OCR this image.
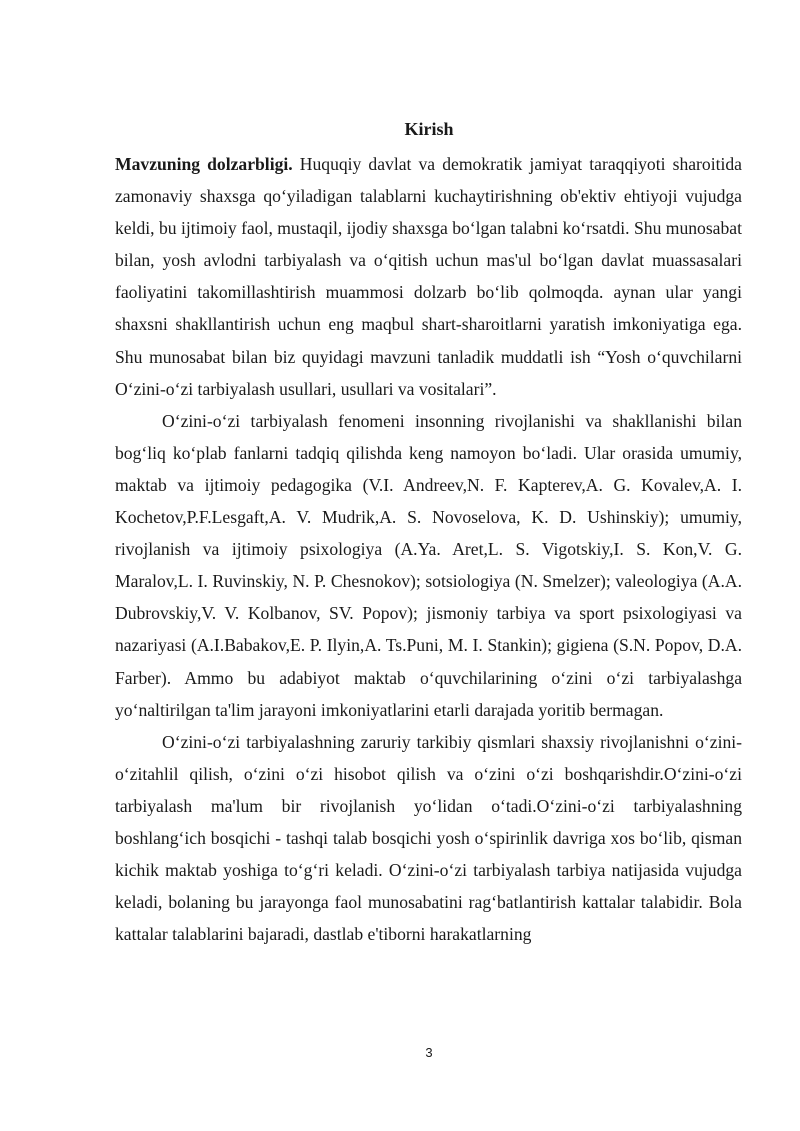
Kirish

Mavzuning dolzarbligi. Huquqiy davlat va demokratik jamiyat taraqqiyoti sharoitida zamonaviy shaxsga qo‘yiladigan talablarni kuchaytirishning ob'ektiv ehtiyoji vujudga keldi, bu ijtimoiy faol, mustaqil, ijodiy shaxsga bo‘lgan talabni ko‘rsatdi. Shu munosabat bilan, yosh avlodni tarbiyalash va o‘qitish uchun mas'ul bo‘lgan davlat muassasalari faoliyatini takomillashtirish muammosi dolzarb bo‘lib qolmoqda. aynan ular yangi shaxsni shakllantirish uchun eng maqbul shart-sharoitlarni yaratish imkoniyatiga ega. Shu munosabat bilan biz quyidagi mavzuni tanladik muddatli ish “Yosh o‘quvchilarni O‘zini-o‘zi tarbiyalash usullari, usullari va vositalari”.

O‘zini-o‘zi tarbiyalash fenomeni insonning rivojlanishi va shakllanishi bilan bog‘liq ko‘plab fanlarni tadqiq qilishda keng namoyon bo‘ladi. Ular orasida umumiy, maktab va ijtimoiy pedagogika (V.I. Andreev,N. F. Kapterev,A. G. Kovalev,A. I. Kochetov,P.F.Lesgaft,A. V. Mudrik,A. S. Novoselova, K. D. Ushinskiy); umumiy, rivojlanish va ijtimoiy psixologiya (A.Ya. Aret,L. S. Vigotskiy,I. S. Kon,V. G. Maralov,L. I. Ruvinskiy, N. P. Chesnokov); sotsiologiya (N. Smelzer); valeologiya (A.A. Dubrovskiy,V. V. Kolbanov, SV. Popov); jismoniy tarbiya va sport psixologiyasi va nazariyasi (A.I.Babakov,E. P. Ilyin,A. Ts.Puni, M. I. Stankin); gigiena (S.N. Popov, D.A. Farber). Ammo bu adabiyot maktab o‘quvchilarining o‘zini o‘zi tarbiyalashga yo‘naltirilgan ta'lim jarayoni imkoniyatlarini etarli darajada yoritib bermagan.

O‘zini-o‘zi tarbiyalashning zaruriy tarkibiy qismlari shaxsiy rivojlanishni o‘zini-o‘zitahlil qilish, o‘zini o‘zi hisobot qilish va o‘zini o‘zi boshqarishdir.O‘zini-o‘zi tarbiyalash ma'lum bir rivojlanish yo‘lidan o‘tadi.O‘zini-o‘zi tarbiyalashning boshlang‘ich bosqichi - tashqi talab bosqichi yosh o‘spirinlik davriga xos bo‘lib, qisman kichik maktab yoshiga to‘g‘ri keladi. O‘zini-o‘zi tarbiyalash tarbiya natijasida vujudga keladi, bolaning bu jarayonga faol munosabatini rag‘batlantirish kattalar talabidir. Bola kattalar talablarini bajaradi, dastlab e'tiborni harakatlarning

3
